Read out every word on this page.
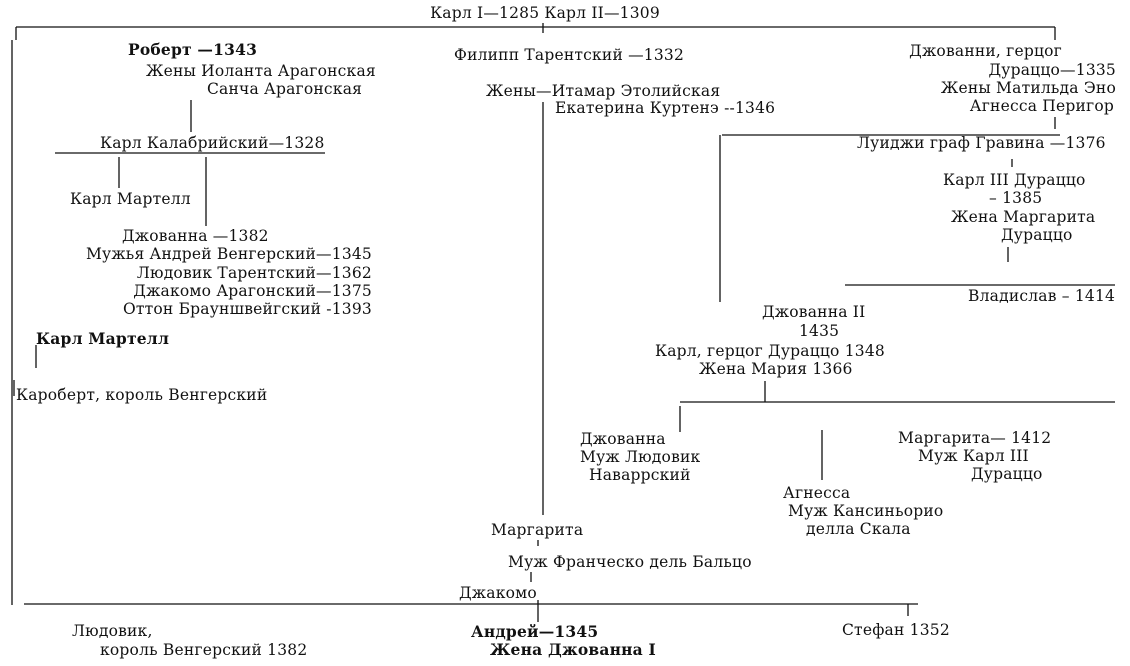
Карл I—1285 Карл II—1309
Роберт —1343
Жены Иоланта Арагонская
Санча Арагонская
Карл Калабрийский—1328
Карл Мартелл
Джованна —1382
Мужья Андрей Венгерский—1345
Людовик Тарентский—1362
Джакомо Арагонский—1375
Оттон Брауншвейгский -1393
Карл Мартелл
Кароберт, король Венгерский
Филипп Тарентский —1332
Жены—Итамар Этолийская
Екатерина Куртенэ --1346
Маргарита
Муж Франческо дель Бальцо
Джакомо
Джованни, герцог
Дураццо—1335
Жены Матильда Эно
Агнесса Перигор
Луиджи граф Гравина —1376
Карл III Дураццо
– 1385
Жена Маргарита
Дураццо
Владислав – 1414
Джованна II
1435
Карл, герцог Дураццо 1348
Жена Мария 1366
Джованна
Муж Людовик
Наваррский
Агнесса
Муж Кансиньорио
делла Скала
Маргарита— 1412
Муж Карл III
Дураццо
Людовик,
король Венгерский 1382
Андрей—1345
Жена Джованна I
Стефан 1352
